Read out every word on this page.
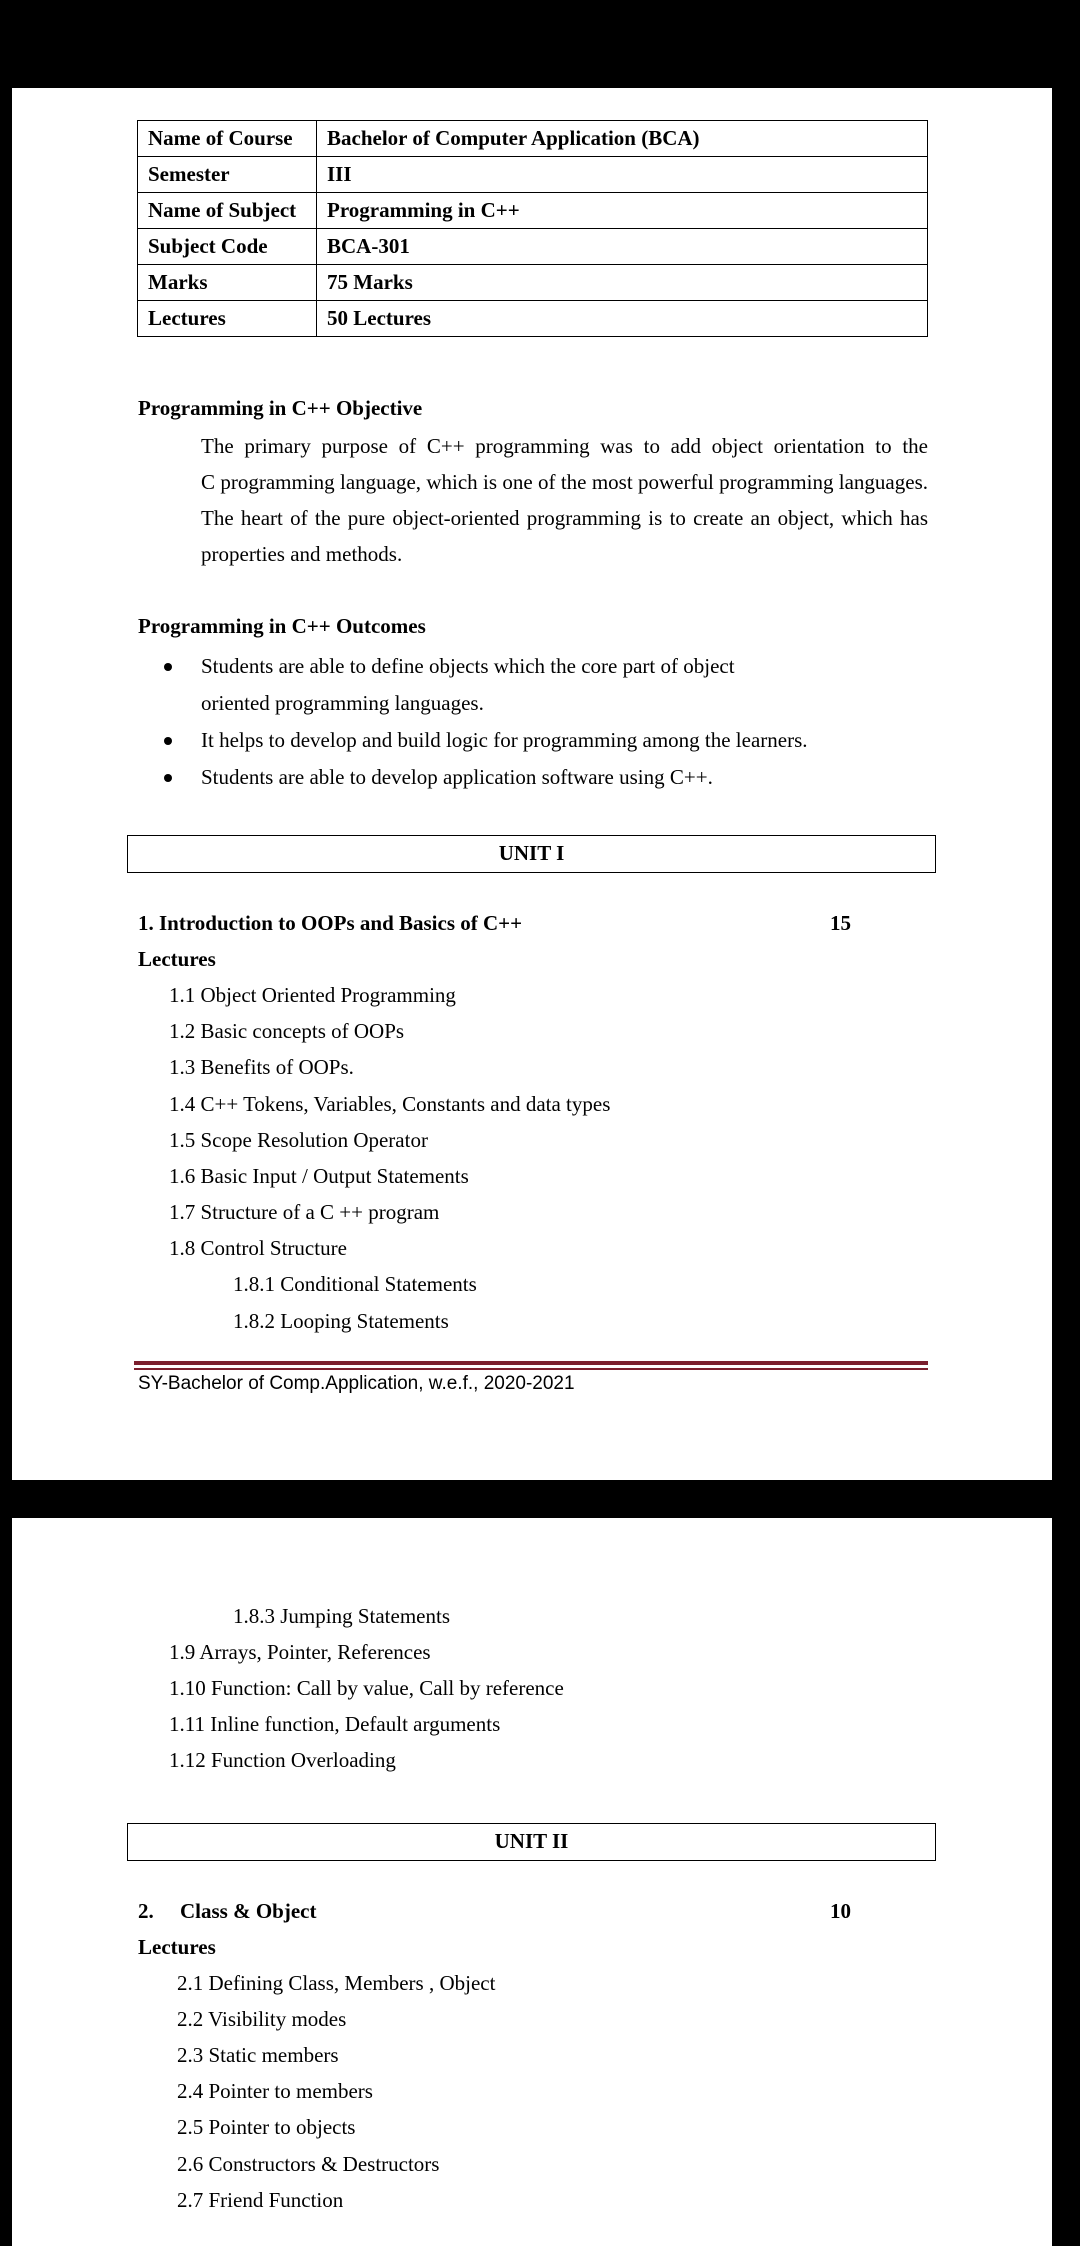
Name of Course	Bachelor of Computer Application (BCA)
Semester	III
Name of Subject	Programming in C++
Subject Code	BCA-301
Marks	75 Marks
Lectures	50 Lectures
Programming in C++ Objective
The primary purpose of C++ programming was to add object orientation to the
C programming language, which is one of the most powerful programming languages.
The heart of the pure object-oriented programming is to create an object, which has
properties and methods.
Programming in C++ Outcomes
Students are able to define objects which the core part of object oriented programming languages.
It helps to develop and build logic for programming among the learners.
Students are able to develop application software using C++.
UNIT I
1. Introduction to OOPs and Basics of C++	15
Lectures
1.1 Object Oriented Programming
1.2 Basic concepts of OOPs
1.3 Benefits of OOPs.
1.4 C++ Tokens, Variables, Constants and data types
1.5 Scope Resolution Operator
1.6 Basic Input / Output Statements
1.7 Structure of a C ++ program
1.8 Control Structure
1.8.1 Conditional Statements
1.8.2 Looping Statements
SY-Bachelor of Comp.Application, w.e.f., 2020-2021
1.8.3 Jumping Statements
1.9 Arrays, Pointer, References
1.10 Function: Call by value, Call by reference
1.11 Inline function, Default arguments
1.12 Function Overloading
UNIT II
2. Class & Object	10
Lectures
2.1 Defining Class, Members , Object
2.2 Visibility modes
2.3 Static members
2.4 Pointer to members
2.5 Pointer to objects
2.6 Constructors & Destructors
2.7 Friend Function
